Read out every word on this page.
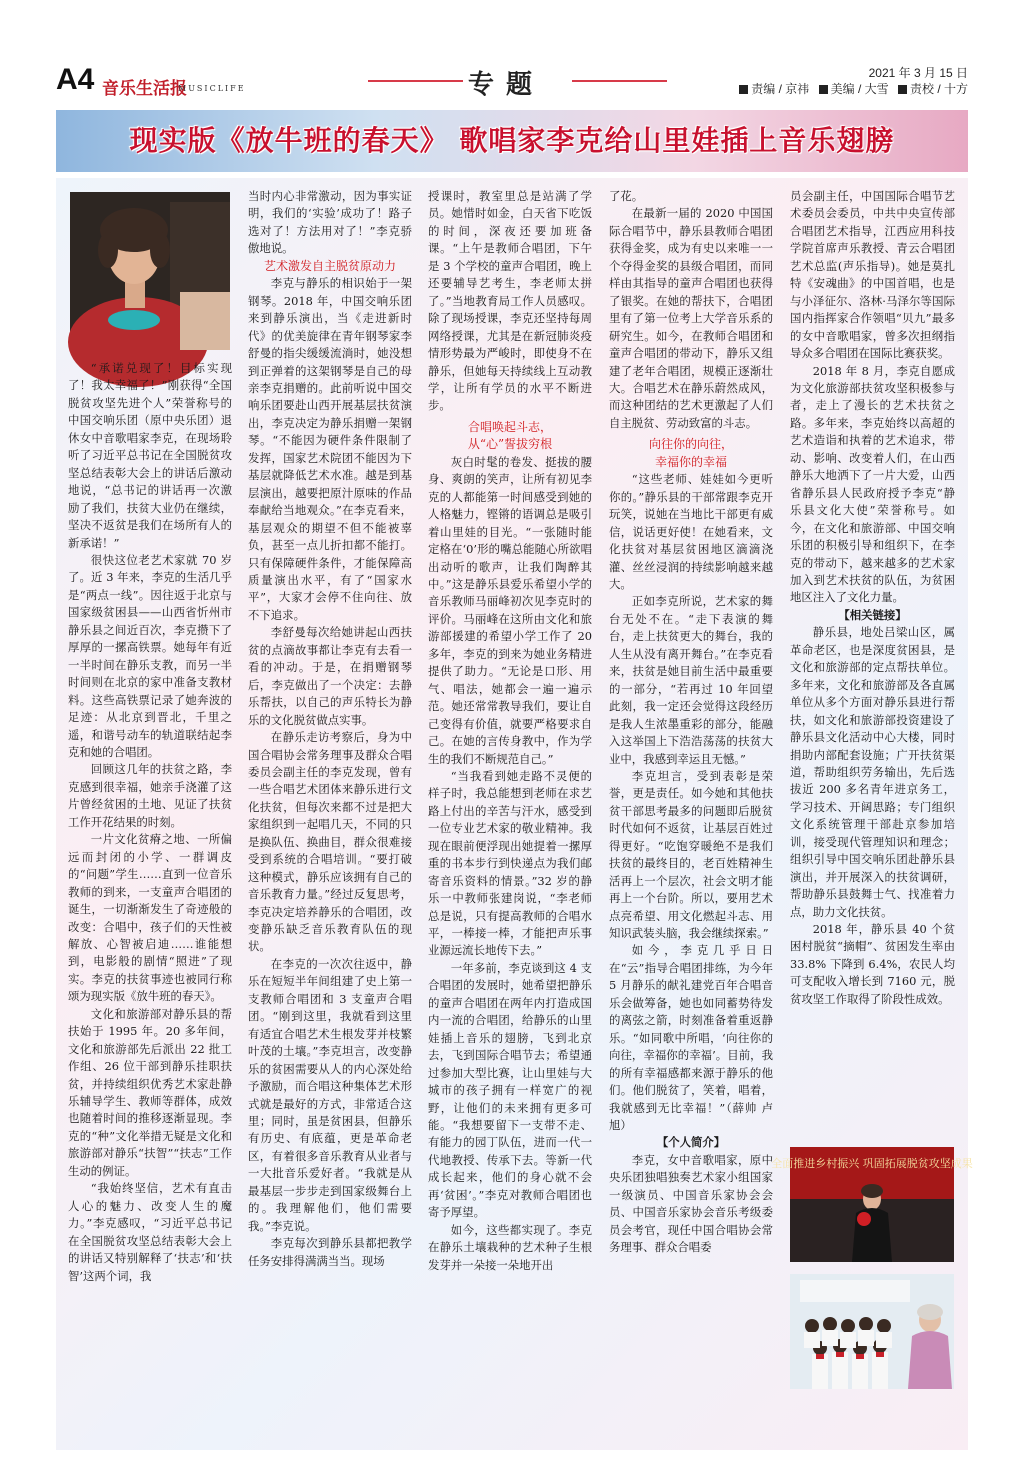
A4 音乐生活报
MUSICLIFE	专题	2021 年 3 月 15 日
责编 / 京祎 美编 / 大雪 责校 / 十方
现实版《放牛班的春天》 歌唱家李克给山里娃插上音乐翅膀

“承诺兑现了！目标实现了！我太幸福了！”刚获得“全国脱贫攻坚先进个人”荣誉称号的中国交响乐团（原中央乐团）退休女中音歌唱家李克，在现场聆听了习近平总书记在全国脱贫攻坚总结表彰大会上的讲话后激动地说，“总书记的讲话再一次激励了我们，扶贫大业仍在继续，坚决不返贫是我们在场所有人的新承诺！”

很快这位老艺术家就 70 岁了。近 3 年来，李克的生活几乎是“两点一线”。因往返于北京与国家级贫困县——山西省忻州市静乐县之间近百次，李克攒下了厚厚的一摞高铁票。她每年有近一半时间在静乐支教，而另一半时间则在北京的家中准备支教材料。这些高铁票记录了她奔波的足迹：从北京到晋北，千里之遥，和谐号动车的轨道联结起李克和她的合唱团。

回顾这几年的扶贫之路，李克感到很幸福，她亲手浇灌了这片曾经贫困的土地、见证了扶贫工作开花结果的时刻。

一片文化贫瘠之地、一所偏远而封闭的小学、一群调皮的“问题”学生……直到一位音乐教师的到来，一支童声合唱团的诞生，一切渐渐发生了奇迹般的改变：合唱中，孩子们的天性被解放、心智被启迪……谁能想到，电影般的剧情“照进”了现实。李克的扶贫事迹也被同行称颂为现实版《放牛班的春天》。

文化和旅游部对静乐县的帮扶始于 1995 年。20 多年间，文化和旅游部先后派出 22 批工作组、26 位干部到静乐挂职扶贫，并持续组织优秀艺术家赴静乐辅导学生、教师等群体，成效也随着时间的推移逐渐显现。李克的“种”文化举措无疑是文化和旅游部对静乐“扶智”“扶志”工作生动的例证。

“我始终坚信，艺术有直击人心的魅力、改变人生的魔力。”李克感叹，“习近平总书记在全国脱贫攻坚总结表彰大会上的讲话又特别解释了‘扶志’和‘扶智’这两个词，我

当时内心非常激动，因为事实证明，我们的‘实验’成功了！路子选对了！方法用对了！”李克骄傲地说。

艺术激发自主脱贫原动力

李克与静乐的相识始于一架钢琴。2018 年，中国交响乐团来到静乐演出，当《走进新时代》的优美旋律在青年钢琴家李舒曼的指尖缓缓流淌时，她没想到正弹着的这架钢琴是自己的母亲李克捐赠的。此前听说中国交响乐团要赴山西开展基层扶贫演出，李克决定为静乐捐赠一架钢琴。“不能因为硬件条件限制了发挥，国家艺术院团不能因为下基层就降低艺术水准。越是到基层演出，越要把原汁原味的作品奉献给当地观众。”在李克看来，基层观众的期望不但不能被辜负，甚至一点儿折扣都不能打。只有保障硬件条件，才能保障高质量演出水平，有了“国家水平”，大家才会停不住向往、放不下追求。

李舒曼每次给她讲起山西扶贫的点滴故事都让李克有去看一看的冲动。于是，在捐赠钢琴后，李克做出了一个决定：去静乐帮扶，以自己的声乐特长为静乐的文化脱贫做点实事。

在静乐走访考察后，身为中国合唱协会常务理事及群众合唱委员会副主任的李克发现，曾有一些合唱艺术团体来静乐进行文化扶贫，但每次来都不过是把大家组织到一起唱几天，不同的只是换队伍、换曲目，群众很难接受到系统的合唱培训。“要打破这种模式，静乐应该拥有自己的音乐教育力量。”经过反复思考，李克决定培养静乐的合唱团，改变静乐缺乏音乐教育队伍的现状。

在李克的一次次往返中，静乐在短短半年间组建了史上第一支教师合唱团和 3 支童声合唱团。“刚到这里，我就看到这里有适宜合唱艺术生根发芽并枝繁叶茂的土壤。”李克坦言，改变静乐的贫困需要从人的内心深处给予激励，而合唱这种集体艺术形式就是最好的方式，非常适合这里；同时，虽是贫困县，但静乐有历史、有底蕴，更是革命老区，有着很多音乐教育从业者与一大批音乐爱好者。“我就是从最基层一步步走到国家级舞台上的。我理解他们，他们需要我。”李克说。

李克每次到静乐县都把教学任务安排得满满当当。现场

授课时，教室里总是站满了学员。她惜时如金，白天省下吃饭的时间，深夜还要加班备课。“上午是教师合唱团，下午是 3 个学校的童声合唱团，晚上还要辅导艺考生，李老师太拼了。”当地教育局工作人员感叹。除了现场授课，李克还坚持每周网络授课，尤其是在新冠肺炎疫情形势最为严峻时，即使身不在静乐，但她每天持续线上互动教学，让所有学员的水平不断进步。

合唱唤起斗志，

从“心”誓拔穷根

灰白时髦的卷发、挺拔的腰身、爽朗的笑声，让所有初见李克的人都能第一时间感受到她的人格魅力，铿锵的语调总是吸引着山里娃的目光。“一张随时能定格在‘0’形的嘴总能随心所欲唱出动听的歌声，让我们陶醉其中。”这是静乐县爱乐希望小学的音乐教师马丽峰初次见李克时的评价。马丽峰在这所由文化和旅游部援建的希望小学工作了 20 多年，李克的到来为她业务精进提供了助力。“无论是口形、用气、唱法，她都会一遍一遍示范。她还常常教导我们，要让自己变得有价值，就要严格要求自己。在她的言传身教中，作为学生的我们不断规范自己。”

“当我看到她走路不灵便的样子时，我总能想到老师在求艺路上付出的辛苦与汗水，感受到一位专业艺术家的敬业精神。我现在眼前便浮现出她提着一摞厚重的书本步行到快递点为我们邮寄音乐资料的情景。”32 岁的静乐一中教师张建岗说，“李老师总是说，只有提高教师的合唱水平，一棒接一棒，才能把声乐事业源远流长地传下去。”

一年多前，李克谈到这 4 支合唱团的发展时，她希望把静乐的童声合唱团在两年内打造成国内一流的合唱团，给静乐的山里娃插上音乐的翅膀，飞到北京去，飞到国际合唱节去；希望通过参加大型比赛，让山里娃与大城市的孩子拥有一样宽广的视野，让他们的未来拥有更多可能。“我想要留下一支带不走、有能力的园丁队伍，进而一代一代地教授、传承下去。等新一代成长起来，他们的身心就不会再‘贫困’。”李克对教师合唱团也寄予厚望。

如今，这些都实现了。李克在静乐土壤栽种的艺术种子生根发芽并一朵接一朵地开出

了花。

在最新一届的 2020 中国国际合唱节中，静乐县教师合唱团获得金奖，成为有史以来唯一一个夺得金奖的县级合唱团，而同样由其指导的童声合唱团也获得了银奖。在她的帮扶下，合唱团里有了第一位考上大学音乐系的研究生。如今，在教师合唱团和童声合唱团的带动下，静乐又组建了老年合唱团，规模正逐渐壮大。合唱艺术在静乐蔚然成风，而这种团结的艺术更激起了人们自主脱贫、劳动致富的斗志。

向往你的向往，

幸福你的幸福

“这些老师、娃娃如今更听你的。”静乐县的干部常跟李克开玩笑，说她在当地比干部更有威信，说话更好使！在她看来，文化扶贫对基层贫困地区滴滴浇灌、丝丝浸润的持续影响越来越大。

正如李克所说，艺术家的舞台无处不在。“走下表演的舞台，走上扶贫更大的舞台，我的人生从没有离开舞台。”在李克看来，扶贫是她目前生活中最重要的一部分，“若再过 10 年回望此刻，我一定还会觉得这段经历是我人生浓墨重彩的部分，能融入这举国上下浩浩荡荡的扶贫大业中，我感到幸运且无憾。”

李克坦言，受到表彰是荣誉，更是责任。如今她和其他扶贫干部思考最多的问题即后脱贫时代如何不返贫，让基层百姓过得更好。“吃饱穿暖绝不是我们扶贫的最终目的，老百姓精神生活再上一个层次，社会文明才能再上一个台阶。所以，要用艺术点亮希望、用文化燃起斗志、用知识武装头脑，我会继续探索。”

如今，李克几乎日日在“云”指导合唱团排练，为今年 5 月静乐的献礼建党百年合唱音乐会做筹备，她也如同蓄势待发的离弦之箭，时刻准备着重返静乐。“如同歌中所唱，‘向往你的向往，幸福你的幸福’。目前，我的所有幸福感都来源于静乐的他们。他们脱贫了，笑着，唱着，我就感到无比幸福！”（薛帅 卢旭）

【个人简介】

李克，女中音歌唱家，原中央乐团独唱独奏艺术家小组国家一级演员、中国音乐家协会会员、中国音乐家协会音乐考级委员会考官，现任中国合唱协会常务理事、群众合唱委

员会副主任，中国国际合唱节艺术委员会委员，中共中央宣传部合唱团艺术指导，江西应用科技学院首席声乐教授、青云合唱团艺术总监(声乐指导)。她是莫扎特《安魂曲》的中国首唱，也是与小泽征尔、洛林·马泽尔等国际国内指挥家合作领唱“贝九”最多的女中音歌唱家，曾多次担纲指导众多合唱团在国际比赛获奖。

2018 年 8 月，李克自愿成为文化旅游部扶贫攻坚积极参与者，走上了漫长的艺术扶贫之路。多年来，李克始终以高超的艺术造诣和执着的艺术追求，带动、影响、改变着人们，在山西静乐大地洒下了一片大爱，山西省静乐县人民政府授予李克“静乐县文化大使”荣誉称号。如今，在文化和旅游部、中国交响乐团的积极引导和组织下，在李克的带动下，越来越多的艺术家加入到艺术扶贫的队伍，为贫困地区注入了文化力量。

【相关链接】

静乐县，地处吕梁山区，属革命老区，也是深度贫困县，是文化和旅游部的定点帮扶单位。多年来，文化和旅游部及各直属单位从多个方面对静乐县进行帮扶，如文化和旅游部投资建设了静乐县文化活动中心大楼，同时捐助内部配套设施；广开扶贫渠道，帮助组织劳务输出，先后选拔近 200 多名青年进京务工，学习技术、开阔思路；专门组织文化系统管理干部赴京参加培训，接受现代管理知识和理念；组织引导中国交响乐团赴静乐县演出，并开展深入的扶贫调研，帮助静乐县鼓舞士气、找准着力点，助力文化扶贫。

2018 年，静乐县 40 个贫困村脱贫“摘帽”、贫困发生率由 33.8% 下降到 6.4%，农民人均可支配收入增长到 7160 元，脱贫攻坚工作取得了阶段性成效。

全面推进乡村振兴 巩固拓展脱贫攻坚成果
